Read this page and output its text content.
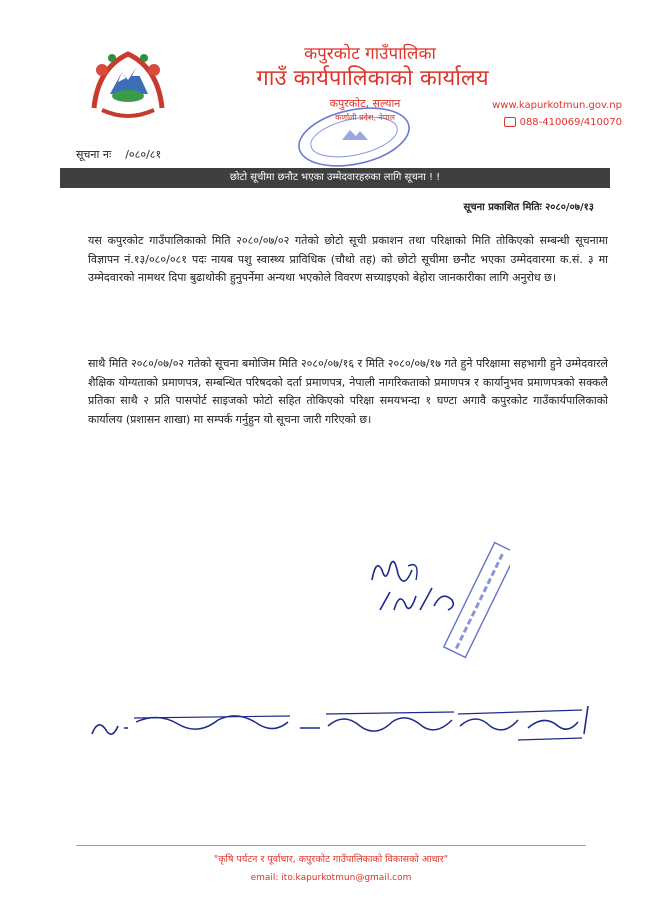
कपुरकोट गाउँपालिका
गाउँ कार्यपालिकाको कार्यालय
कपुरकोट, सल्यान
कर्णाली प्रदेश, नेपाल
www.kapurkotmun.gov.np
088-410069/410070
सूचना नः /०८०/८१
छोटो सूचीमा छनौट भएका उम्मेदवारहरुका लागि सूचना ! !
सूचना प्रकाशित मितिः २०८०/०७/१३

यस कपुरकोट गाउँपालिकाको मिति २०८०/०७/०२ गतेको छोटो सूची प्रकाशन तथा परिक्षाको मिति तोकिएको सम्बन्धी सूचनामा विज्ञापन नं.१३/०८०/०८१ पदः नायब पशु स्वास्थ्य प्राविधिक (चौथो तह) को छोटो सूचीमा छनौट भएका उम्मेदवारमा क.सं. ३ मा उम्मेदवारको नामथर दिपा बुढाथोकी हुनुपर्नेमा अन्यथा भएकोले विवरण सच्याइएको बेहोरा जानकारीका लागि अनुरोध छ।

साथै मिति २०८०/०७/०२ गतेको सूचना बमोजिम मिति २०८०/०७/१६ र मिति २०८०/०७/१७ गते हुने परिक्षामा सहभागी हुने उम्मेदवारले शैक्षिक योग्यताको प्रमाणपत्र, सम्बन्धित परिषदको दर्ता प्रमाणपत्र, नेपाली नागरिकताको प्रमाणपत्र र कार्यानुभव प्रमाणपत्रको सक्कलै प्रतिका साथै २ प्रति पासपोर्ट साइजको फोटो सहित तोकिएको परिक्षा समयभन्दा १ घण्टा अगावै कपुरकोट गाउँकार्यपालिकाको कार्यालय (प्रशासन शाखा) मा सम्पर्क गर्नुहुन यो सूचना जारी गरिएको छ।

"कृषि पर्यटन र पूर्वाधार, कपुरकोट गाउँपालिकाको विकासको आधार"
email: ito.kapurkotmun@gmail.com
